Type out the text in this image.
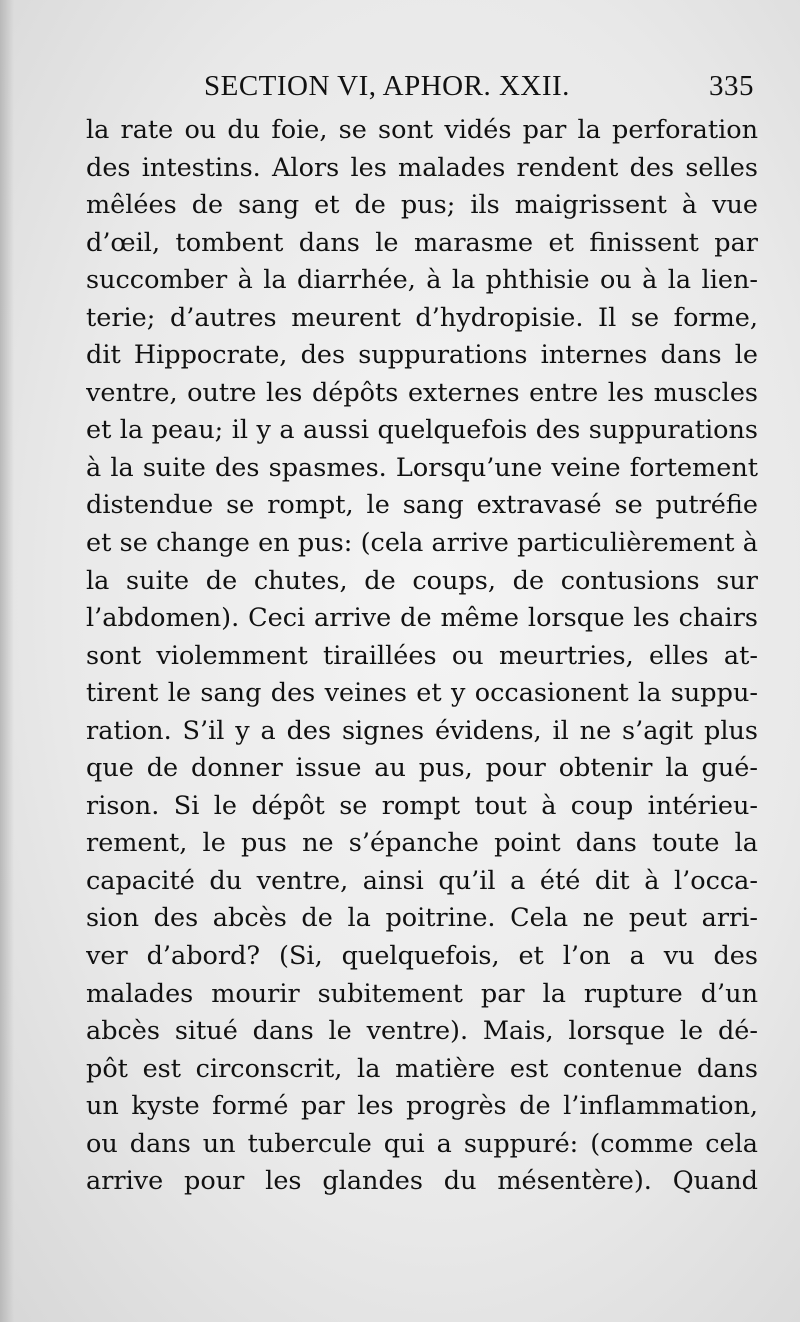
SECTION VI, APHOR. XXII.	335
la rate ou du foie, se sont vidés par la perforation
des intestins. Alors les malades rendent des selles
mêlées de sang et de pus; ils maigrissent à vue
d’œil, tombent dans le marasme et finissent par
succomber à la diarrhée, à la phthisie ou à la lien-
terie; d’autres meurent d’hydropisie. Il se forme,
dit Hippocrate, des suppurations internes dans le
ventre, outre les dépôts externes entre les muscles
et la peau; il y a aussi quelquefois des suppurations
à la suite des spasmes. Lorsqu’une veine fortement
distendue se rompt, le sang extravasé se putréfie
et se change en pus: (cela arrive particulièrement à
la suite de chutes, de coups, de contusions sur
l’abdomen). Ceci arrive de même lorsque les chairs
sont violemment tiraillées ou meurtries, elles at-
tirent le sang des veines et y occasionent la suppu-
ration. S’il y a des signes évidens, il ne s’agit plus
que de donner issue au pus, pour obtenir la gué-
rison. Si le dépôt se rompt tout à coup intérieu-
rement, le pus ne s’épanche point dans toute la
capacité du ventre, ainsi qu’il a été dit à l’occa-
sion des abcès de la poitrine. Cela ne peut arri-
ver d’abord? (Si, quelquefois, et l’on a vu des
malades mourir subitement par la rupture d’un
abcès situé dans le ventre). Mais, lorsque le dé-
pôt est circonscrit, la matière est contenue dans
un kyste formé par les progrès de l’inflammation,
ou dans un tubercule qui a suppuré: (comme cela
arrive pour les glandes du mésentère). Quand
